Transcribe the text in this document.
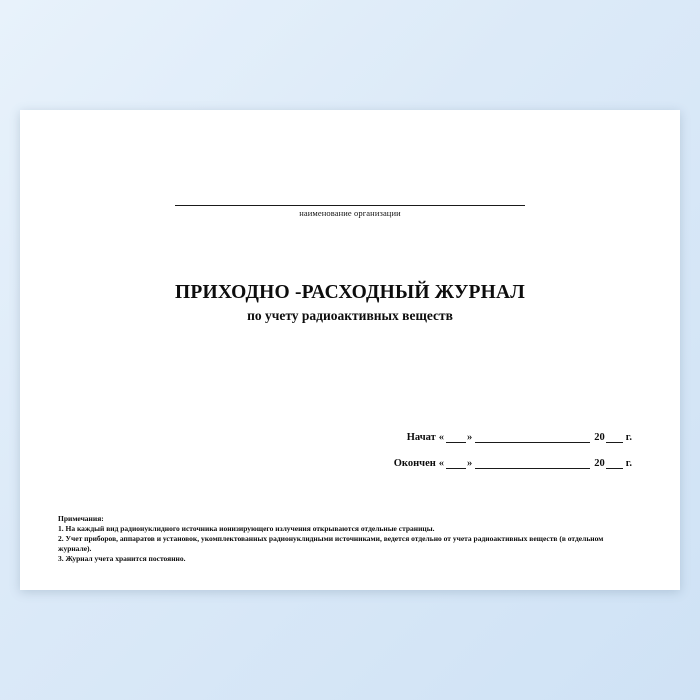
наименование организации
ПРИХОДНО -РАСХОДНЫЙ ЖУРНАЛ
по учету радиоактивных веществ
Начат « »	20 г.
Окончен « »	20 г.
Примечания:
1. На каждый вид радионуклидного источника ионизирующего излучения открываются отдельные страницы.
2. Учет приборов, аппаратов и установок, укомплектованных радионуклидными источниками, ведется отдельно от учета радиоактивных веществ (в отдельном журнале).
3. Журнал учета хранится постоянно.
